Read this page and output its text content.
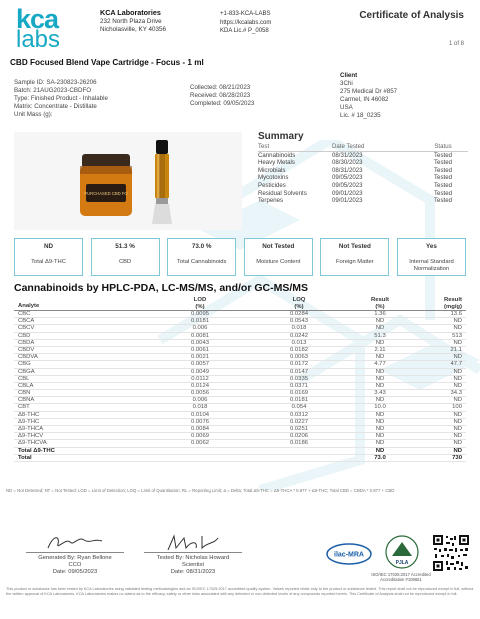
kca
labs
KCA Laboratories
232 North Plaza Drive
Nicholasville, KY 40356
+1-833-KCA-LABS
https://kcalabs.com
KDA Lic.# P_0058
Certificate of Analysis
1 of 8
CBD Focused Blend Vape Cartridge - Focus - 1 ml
Sample ID: SA-230823-26206
Batch: 21AUG2023-CBDFO
Type: Finished Product - Inhalable
Matrix: Concentrate - Distillate
Unit Mass (g):
Collected: 08/21/2023
Received: 08/28/2023
Completed: 09/05/2023
Client
3Chi
275 Medical Dr #857
Carmel, IN 46082
USA
Lic. # 18_0235
PURCHASED CBD FO
Summary
Test	Date Tested	Status
Cannabinoids	08/31/2023	Tested
Heavy Metals	08/30/2023	Tested
Microbials	08/31/2023	Tested
Mycotoxins	09/05/2023	Tested
Pesticides	09/05/2023	Tested
Residual Solvents	09/01/2023	Tested
Terpenes	09/01/2023	Tested
ND
Total Δ9-THC
51.3 %
CBD
73.0 %
Total Cannabinoids
Not Tested
Moisture Content
Not Tested
Foreign Matter
Yes
Internal Standard Normalization
Cannabinoids by HPLC-PDA, LC-MS/MS, and/or GC-MS/MS
Analyte
LOD
(%)
LOQ
(%)
Result
(%)
Result
(mg/g)
CBC	0.0095	0.0284	1.36	13.6
CBCA	0.0181	0.0543	ND	ND
CBCV	0.006	0.018	ND	ND
CBD	0.0081	0.0242	51.3	513
CBDA	0.0043	0.013	ND	ND
CBDV	0.0061	0.0182	2.11	21.1
CBDVA	0.0021	0.0063	ND	ND
CBG	0.0057	0.0172	4.77	47.7
CBGA	0.0049	0.0147	ND	ND
CBL	0.0112	0.0335	ND	ND
CBLA	0.0124	0.0371	ND	ND
CBN	0.0056	0.0169	3.43	34.3
CBNA	0.006	0.0181	ND	ND
CBT	0.018	0.054	10.0	100
Δ8-THC	0.0104	0.0312	ND	ND
Δ9-THC	0.0076	0.0227	ND	ND
Δ9-THCA	0.0084	0.0251	ND	ND
Δ9-THCV	0.0069	0.0206	ND	ND
Δ9-THCVA	0.0062	0.0186	ND	ND
Total Δ9-THC	ND	ND
Total	73.0	730
ND = Not Detected; NT = Not Tested; LOD = Limit of Detection; LOQ = Limit of Quantitation; RL = Reporting Limit; Δ = Delta; Total Δ9-THC = Δ9-THCA * 0.877 + Δ9-THC; Total CBD = CBDA * 0.877 + CBD
Generated By: Ryan Bellone
CCO
Date: 09/05/2023
Tested By: Nicholas Howard
Scientist
Date: 08/31/2023
ilac-MRA
PJLA
ISO/IEC 17025:2017 Accredited
Accreditation #108651
This product or substance has been tested by KCA Laboratories using validated testing methodologies and an ISO/IEC 17025:2017 accredited quality system. Values reported relate only to the product or substance tested. This report shall not be reproduced except in full, without the written approval of KCA Laboratories. KCA Laboratories makes no claims as to the efficacy, safety or other risks associated with any detected or non-detected levels of any compounds reported herein. This Certificate of Analysis shall not be reproduced except in full.
